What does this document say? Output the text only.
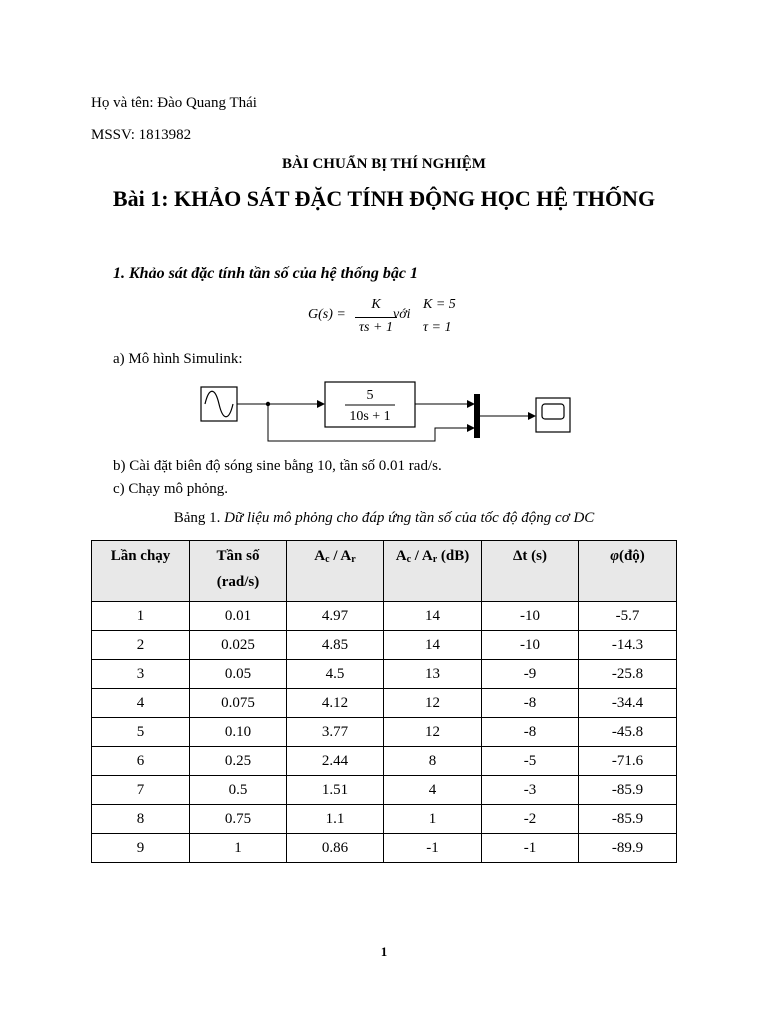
Họ và tên: Đào Quang Thái
MSSV: 1813982
BÀI CHUẨN BỊ THÍ NGHIỆM
Bài 1: KHẢO SÁT ĐẶC TÍNH ĐỘNG HỌC HỆ THỐNG
1. Khảo sát đặc tính tần số của hệ thống bậc 1
G(s) =
K
τs + 1
với
K = 5
τ = 1
a) Mô hình Simulink:
5
10s + 1
b) Cài đặt biên độ sóng sine bằng 10, tần số 0.01 rad/s.
c) Chạy mô phỏng.
Bảng 1. Dữ liệu mô phỏng cho đáp ứng tần số của tốc độ động cơ DC
Lần chạy	Tần số
(rad/s)	$A_c / A_r$	$A_c / A_r$ (dB)	Δt (s)	φ(độ)
1	0.01	4.97	14	-10	-5.7
2	0.025	4.85	14	-10	-14.3
3	0.05	4.5	13	-9	-25.8
4	0.075	4.12	12	-8	-34.4
5	0.10	3.77	12	-8	-45.8
6	0.25	2.44	8	-5	-71.6
7	0.5	1.51	4	-3	-85.9
8	0.75	1.1	1	-2	-85.9
9	1	0.86	-1	-1	-89.9
1
